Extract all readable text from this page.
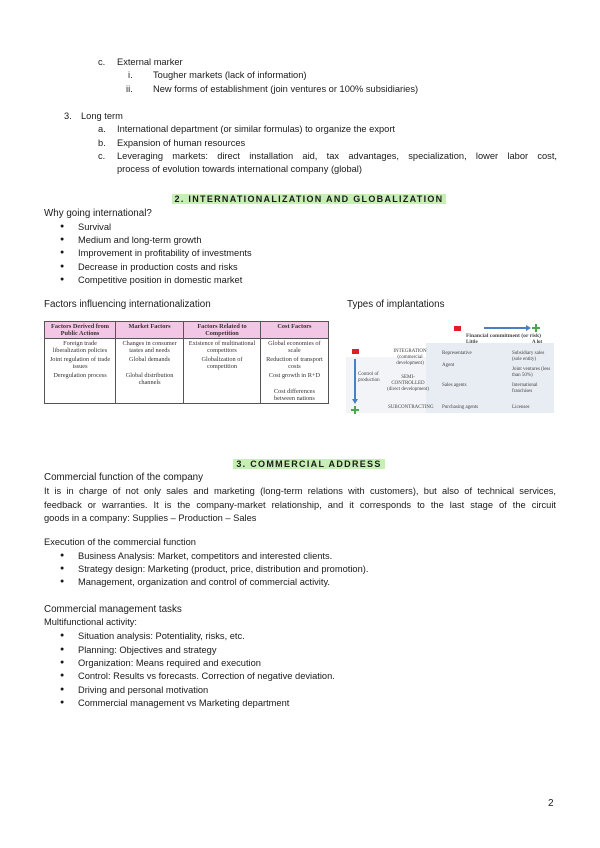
c. External marker
i. Tougher markets (lack of information)
ii. New forms of establishment (join ventures or 100% subsidiaries)
3. Long term
a. International department (or similar formulas) to organize the export
b. Expansion of human resources
c. Leveraging markets: direct installation aid, tax advantages, specialization, lower labor cost,
process of evolution towards international company (global)
2. INTERNATIONALIZATION AND GLOBALIZATION
Why going international?
Survival
Medium and long-term growth
Improvement in profitability of investments
Decrease in production costs and risks
Competitive position in domestic market
Factors influencing internationalization	Types of implantations
Factors Derived from Public Actions	Market Factors	Factors Related to Competition	Cost Factors
Foreign trade liberalization policies	Changes in consumer tastes and needs	Existence of multinational competitors	Global economies of scale
Joint regulation of trade issues	Global demands	Globalization of competition	Reduction of transport costs
Deregulation process	Global distribution channels		Cost growth in R+D
			Cost differences between nations
Financial commitment (or risk)
Little	A lot
Control of production
INTEGRATION (commercial development)
SEMI-CONTROLLED (direct development)
SUBCONTRACTING
Representative
Agent
Sales agents
Purchasing agents
Subsidiary sales (sole entity)
Joint ventures (less than 50%)
International franchises
Licenses
3. COMMERCIAL ADDRESS
Commercial function of the company
It is in charge of not only sales and marketing (long-term relations with customers), but also of technical services,
feedback or warranties. It is the company-market relationship, and it corresponds to the last stage of the circuit
goods in a company: Supplies – Production – Sales
Execution of the commercial function
Business Analysis: Market, competitors and interested clients.
Strategy design: Marketing (product, price, distribution and promotion).
Management, organization and control of commercial activity.
Commercial management tasks
Multifunctional activity:
Situation analysis: Potentiality, risks, etc.
Planning: Objectives and strategy
Organization: Means required and execution
Control: Results vs forecasts. Correction of negative deviation.
Driving and personal motivation
Commercial management vs Marketing department
2
